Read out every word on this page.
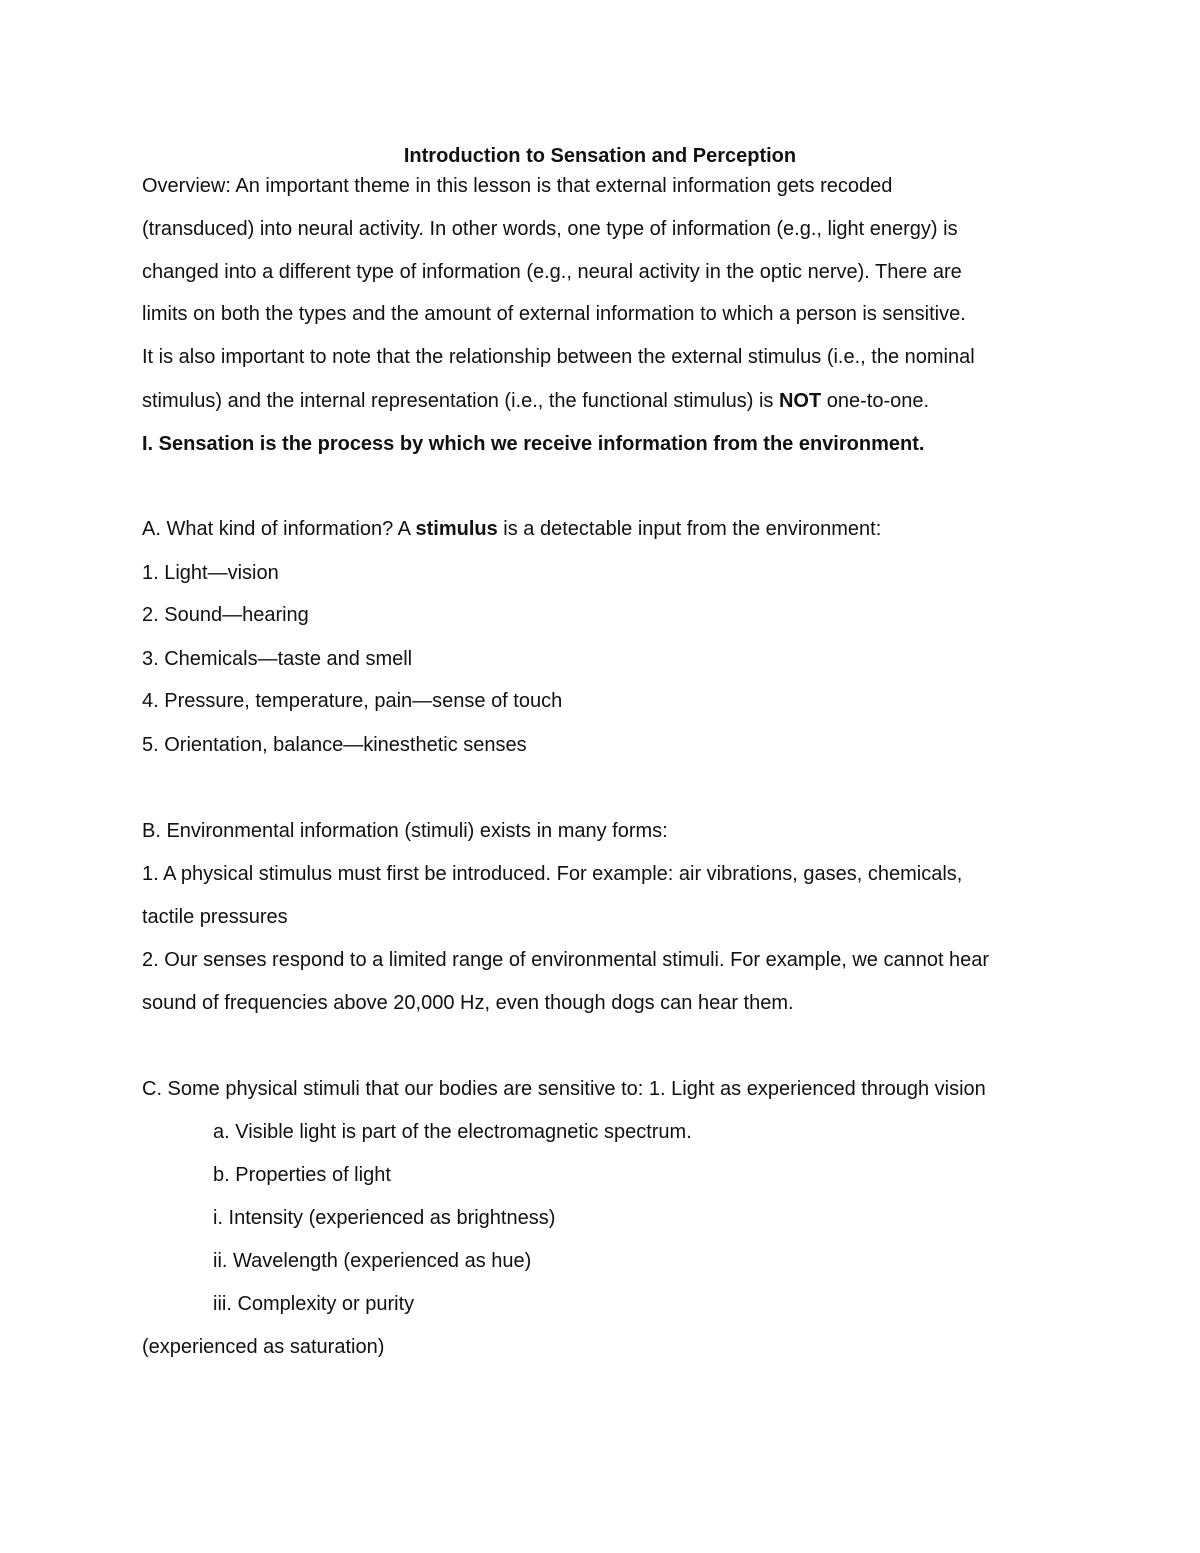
Introduction to Sensation and Perception
Overview: An important theme in this lesson is that external information gets recoded
(transduced) into neural activity. In other words, one type of information (e.g., light energy) is
changed into a different type of information (e.g., neural activity in the optic nerve). There are
limits on both the types and the amount of external information to which a person is sensitive.
It is also important to note that the relationship between the external stimulus (i.e., the nominal
stimulus) and the internal representation (i.e., the functional stimulus) is NOT one-to-one.
I. Sensation is the process by which we receive information from the environment.
A. What kind of information? A stimulus is a detectable input from the environment:
1. Light—vision
2. Sound—hearing
3. Chemicals—taste and smell
4. Pressure, temperature, pain—sense of touch
5. Orientation, balance—kinesthetic senses
B. Environmental information (stimuli) exists in many forms:
1. A physical stimulus must first be introduced. For example: air vibrations, gases, chemicals,
tactile pressures
2. Our senses respond to a limited range of environmental stimuli. For example, we cannot hear
sound of frequencies above 20,000 Hz, even though dogs can hear them.
C. Some physical stimuli that our bodies are sensitive to: 1. Light as experienced through vision
a. Visible light is part of the electromagnetic spectrum.
b. Properties of light
i. Intensity (experienced as brightness)
ii. Wavelength (experienced as hue)
iii. Complexity or purity
(experienced as saturation)
